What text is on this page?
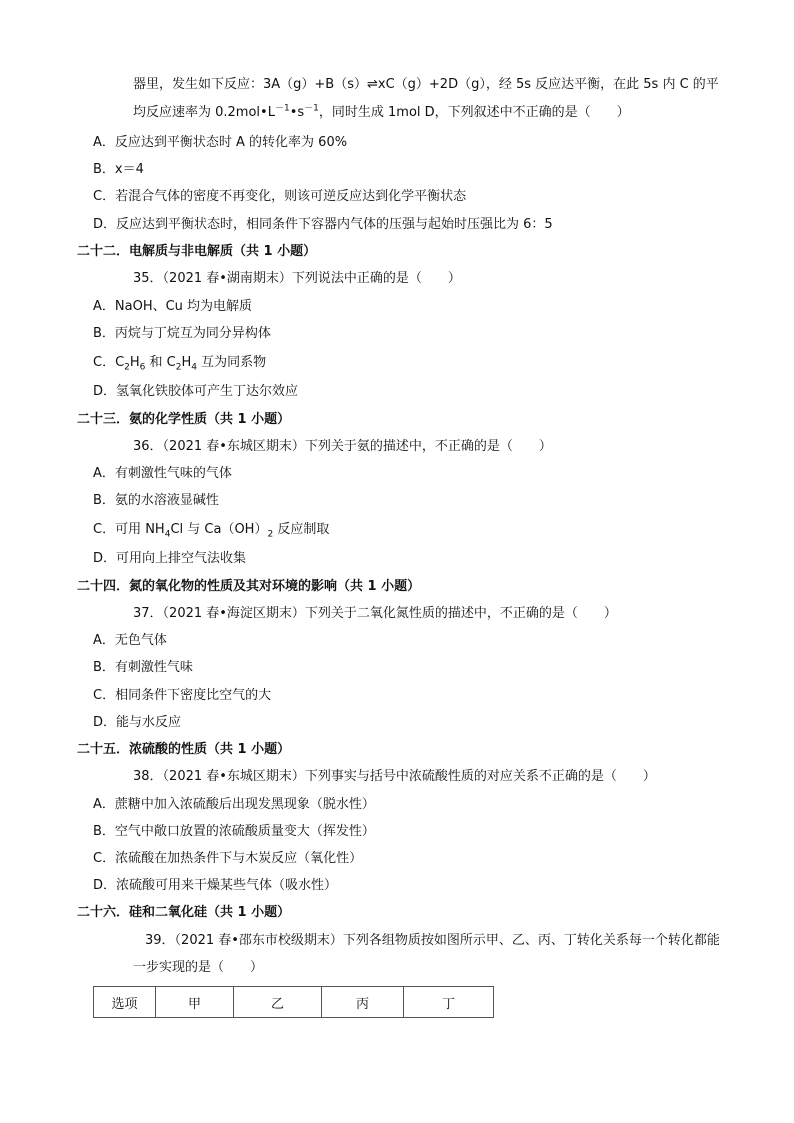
器里，发生如下反应：3A（g）+B（s）⇌xC（g）+2D（g），经 5s 反应达平衡，在此 5s 内 C 的平
均反应速率为 $0.2mol•L^{-1}•s^{-1}$，同时生成 1mol D，下列叙述中不正确的是（　　）
A．反应达到平衡状态时 A 的转化率为 60%
B．x＝4
C．若混合气体的密度不再变化，则该可逆反应达到化学平衡状态
D．反应达到平衡状态时，相同条件下容器内气体的压强与起始时压强比为 6：5
二十二．电解质与非电解质（共 1 小题）
35．（2021 春•湖南期末）下列说法中正确的是（　　）
A．NaOH、Cu 均为电解质
B．丙烷与丁烷互为同分异构体
C．$C_2H_6$ 和 $C_2H_4$ 互为同系物
D．氢氧化铁胶体可产生丁达尔效应
二十三．氨的化学性质（共 1 小题）
36．（2021 春•东城区期末）下列关于氨的描述中，不正确的是（　　）
A．有刺激性气味的气体
B．氨的水溶液显碱性
C．可用 $NH_4Cl$ 与 $Ca(OH)_2$ 反应制取
D．可用向上排空气法收集
二十四．氮的氧化物的性质及其对环境的影响（共 1 小题）
37．（2021 春•海淀区期末）下列关于二氧化氮性质的描述中，不正确的是（　　）
A．无色气体
B．有刺激性气味
C．相同条件下密度比空气的大
D．能与水反应
二十五．浓硫酸的性质（共 1 小题）
38．（2021 春•东城区期末）下列事实与括号中浓硫酸性质的对应关系不正确的是（　　）
A．蔗糖中加入浓硫酸后出现发黑现象（脱水性）
B．空气中敞口放置的浓硫酸质量变大（挥发性）
C．浓硫酸在加热条件下与木炭反应（氧化性）
D．浓硫酸可用来干燥某些气体（吸水性）
二十六．硅和二氧化硅（共 1 小题）
39．（2021 春•邵东市校级期末）下列各组物质按如图所示甲、乙、丙、丁转化关系每一个转化都能
一步实现的是（　　）
选项	甲	乙	丙	丁
